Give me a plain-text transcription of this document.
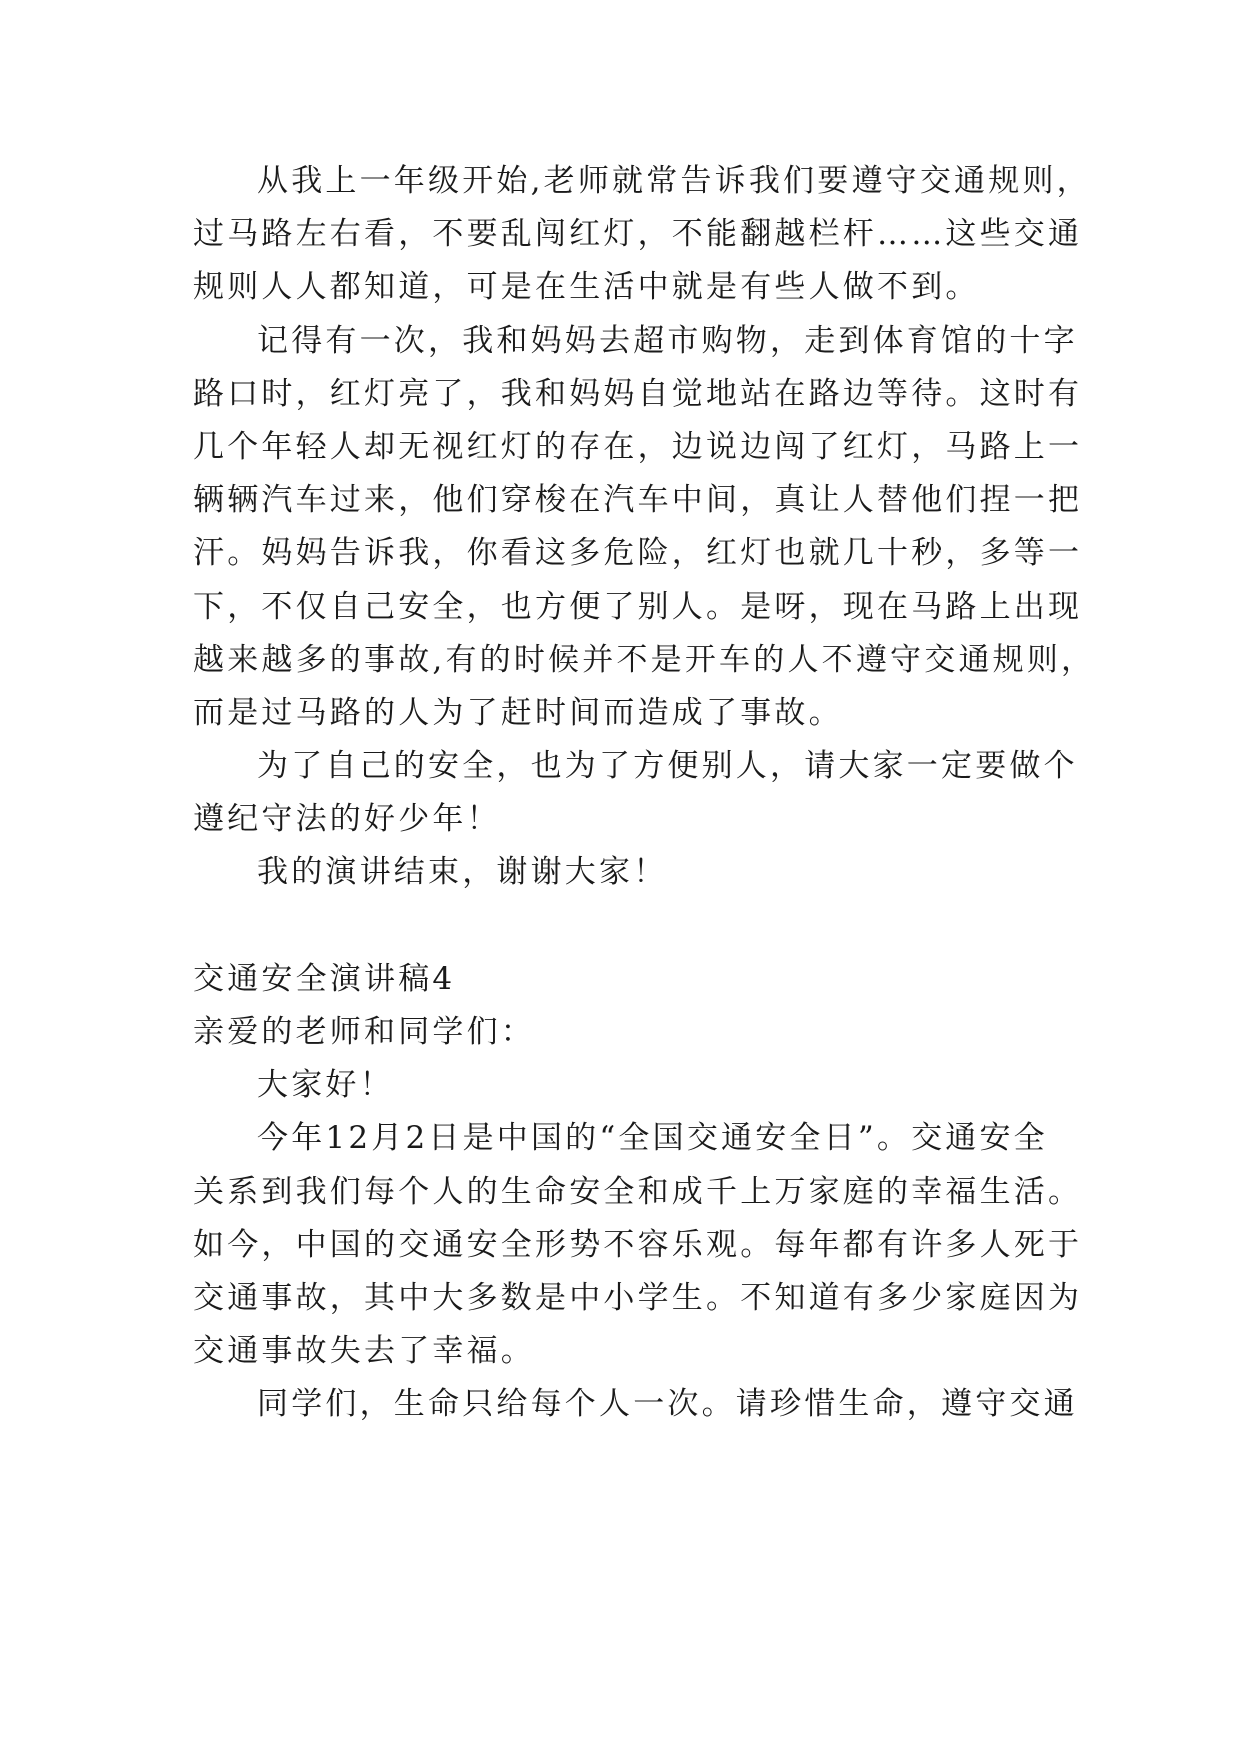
从我上一年级开始,老师就常告诉我们要遵守交通规则，
过马路左右看，不要乱闯红灯，不能翻越栏杆……这些交通
规则人人都知道，可是在生活中就是有些人做不到。
记得有一次，我和妈妈去超市购物，走到体育馆的十字
路口时，红灯亮了，我和妈妈自觉地站在路边等待。这时有
几个年轻人却无视红灯的存在，边说边闯了红灯，马路上一
辆辆汽车过来，他们穿梭在汽车中间，真让人替他们捏一把
汗。妈妈告诉我，你看这多危险，红灯也就几十秒，多等一
下，不仅自己安全，也方便了别人。是呀，现在马路上出现
越来越多的事故,有的时候并不是开车的人不遵守交通规则，
而是过马路的人为了赶时间而造成了事故。
为了自己的安全，也为了方便别人，请大家一定要做个
遵纪守法的好少年！
我的演讲结束，谢谢大家！
交通安全演讲稿4
亲爱的老师和同学们：
大家好！
今年12月2日是中国的“全国交通安全日”。交通安全
关系到我们每个人的生命安全和成千上万家庭的幸福生活。
如今，中国的交通安全形势不容乐观。每年都有许多人死于
交通事故，其中大多数是中小学生。不知道有多少家庭因为
交通事故失去了幸福。
同学们，生命只给每个人一次。请珍惜生命，遵守交通
